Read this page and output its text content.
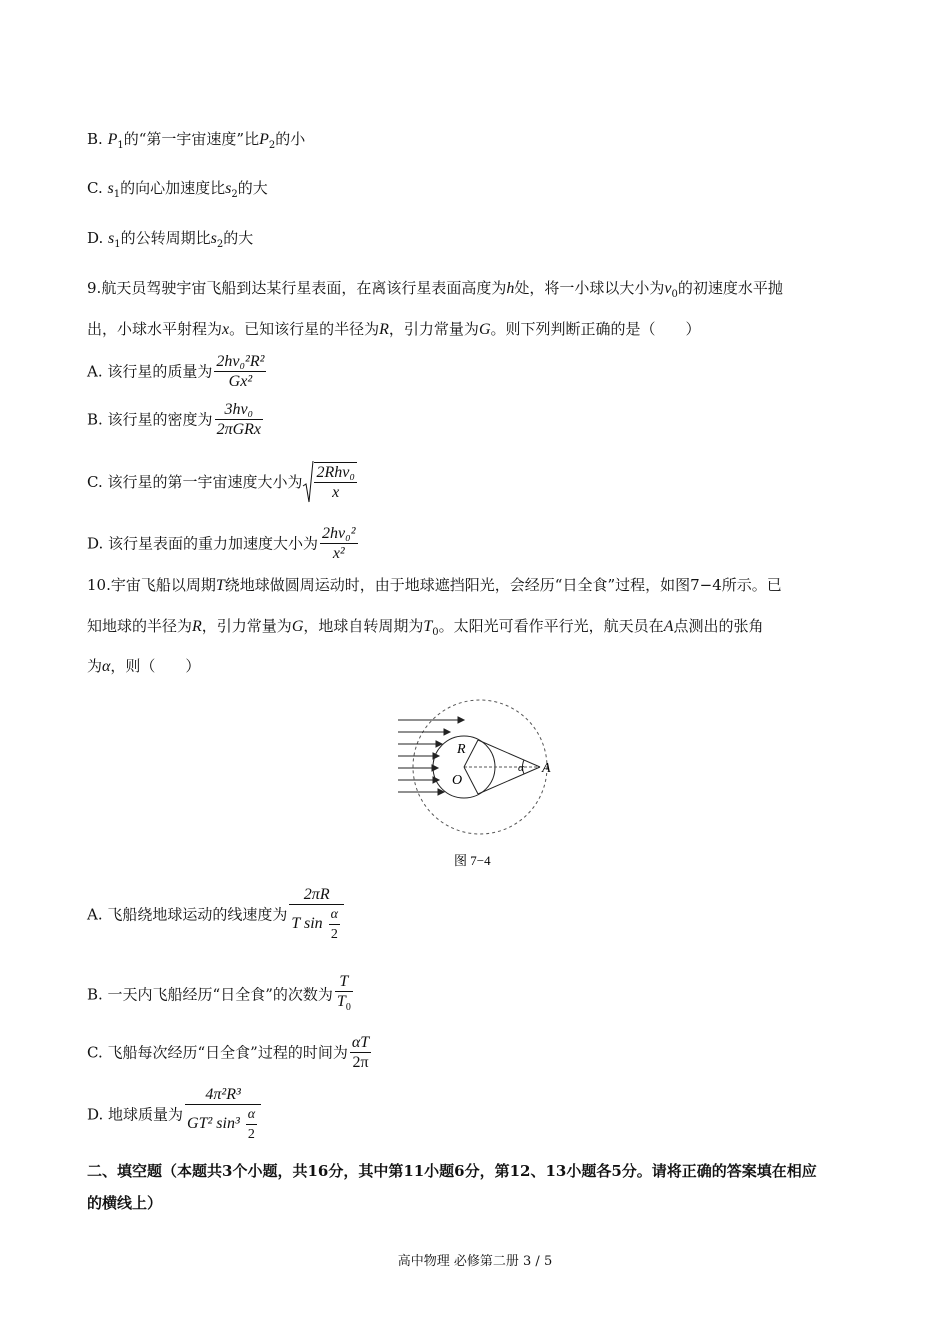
B. $P_1$的“第一宇宙速度”比$P_2$的小
C. $s_1$的向心加速度比$s_2$的大
D. $s_1$的公转周期比$s_2$的大
9.航天员驾驶宇宙飞船到达某行星表面，在离该行星表面高度为h处，将一小球以大小为$v_0$的初速度水平抛
出，小球水平射程为x。已知该行星的半径为R，引力常量为G。则下列判断正确的是（　　）
A. 该行星的质量为 $\frac{\text{2hv₀²R²}}{\text{Gx²}}$
B. 该行星的密度为 $\frac{\text{3hv₀}}{\text{2πGRx}}$
C. 该行星的第一宇宙速度大小为 $\frac{\text{2Rhv₀}}{x}$
D. 该行星表面的重力加速度大小为 $\frac{\text{2hv₀²}}{\text{x²}}$
10.宇宙飞船以周期T绕地球做圆周运动时，由于地球遮挡阳光，会经历“日全食”过程，如图7−4所示。已
知地球的半径为R，引力常量为G，地球自转周期为$T_0$。太阳光可看作平行光，航天员在A点测出的张角
为α，则（　　）
R
O
α A
图 7−4
A. 飞船绕地球运动的线速度为 $\frac{2\pi R}{T \sin \frac{\alpha}{2}}$
B. 一天内飞船经历“日全食”的次数为 $\frac{T}{T_0}$
C. 飞船每次经历“日全食”过程的时间为 $\frac{\alpha T}{2\pi}$
D. 地球质量为 $\frac{\text{4π²R³}}{GT^2 \sin^3 \frac{\alpha}{2}}$
二、填空题（本题共3个小题，共16分，其中第11小题6分，第12、13小题各5分。请将正确的答案填在相应
的横线上）
高中物理 必修第二册 3 / 5
